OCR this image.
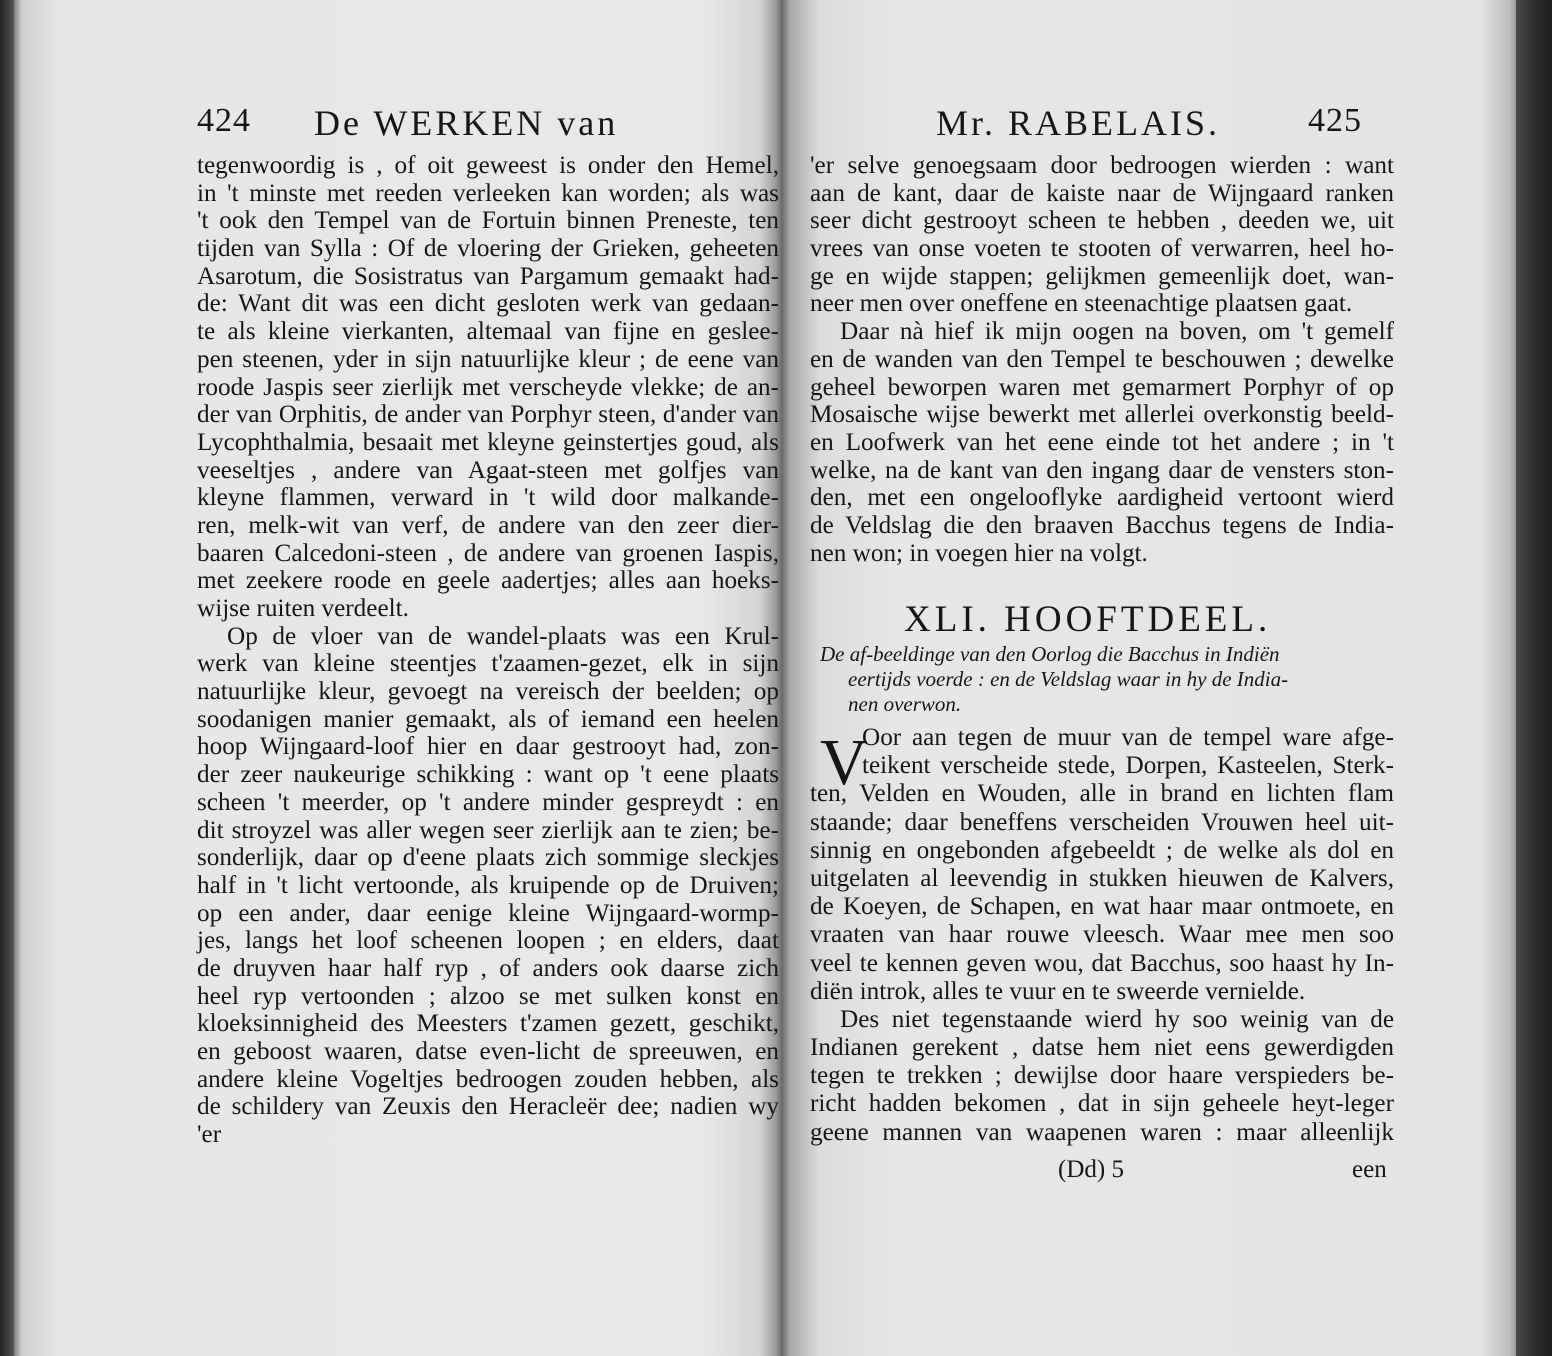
424 De WERKEN van
tegenwoordig is , of oit geweest is onder den Hemel,
in 't minste met reeden verleeken kan worden; als was
't ook den Tempel van de Fortuin binnen Preneste, ten
tijden van Sylla : Of de vloering der Grieken, geheeten
Asarotum, die Sosistratus van Pargamum gemaakt had-
de: Want dit was een dicht gesloten werk van gedaan-
te als kleine vierkanten, altemaal van fijne en geslee-
pen steenen, yder in sijn natuurlijke kleur ; de eene van
roode Jaspis seer zierlijk met verscheyde vlekke; de an-
der van Orphitis, de ander van Porphyr steen, d'ander van
Lycophthalmia, besaait met kleyne geinstertjes goud, als
veeseltjes , andere van Agaat-steen met golfjes van
kleyne flammen, verward in 't wild door malkande-
ren, melk-wit van verf, de andere van den zeer dier-
baaren Calcedoni-steen , de andere van groenen Iaspis,
met zeekere roode en geele aadertjes; alles aan hoeks-
wijse ruiten verdeelt.
Op de vloer van de wandel-plaats was een Krul-
werk van kleine steentjes t'zaamen-gezet, elk in sijn
natuurlijke kleur, gevoegt na vereisch der beelden; op
soodanigen manier gemaakt, als of iemand een heelen
hoop Wijngaard-loof hier en daar gestrooyt had, zon-
der zeer naukeurige schikking : want op 't eene plaats
scheen 't meerder, op 't andere minder gespreydt : en
dit stroyzel was aller wegen seer zierlijk aan te zien; be-
sonderlijk, daar op d'eene plaats zich sommige sleckjes
half in 't licht vertoonde, als kruipende op de Druiven;
op een ander, daar eenige kleine Wijngaard-wormp-
jes, langs het loof scheenen loopen ; en elders, daat
de druyven haar half ryp , of anders ook daarse zich
heel ryp vertoonden ; alzoo se met sulken konst en
kloeksinnigheid des Meesters t'zamen gezett, geschikt,
en geboost waaren, datse even-licht de spreeuwen, en
andere kleine Vogeltjes bedroogen zouden hebben, als
de schildery van Zeuxis den Heracleër dee; nadien wy
'er
Mr. RABELAIS.	425
'er selve genoegsaam door bedroogen wierden : want
aan de kant, daar de kaiste naar de Wijngaard ranken
seer dicht gestrooyt scheen te hebben , deeden we, uit
vrees van onse voeten te stooten of verwarren, heel ho-
ge en wijde stappen; gelijkmen gemeenlijk doet, wan-
neer men over oneffene en steenachtige plaatsen gaat.
Daar nà hief ik mijn oogen na boven, om 't gemelf
en de wanden van den Tempel te beschouwen ; dewelke
geheel beworpen waren met gemarmert Porphyr of op
Mosaische wijse bewerkt met allerlei overkonstig beeld-
en Loofwerk van het eene einde tot het andere ; in 't
welke, na de kant van den ingang daar de vensters ston-
den, met een ongelooflyke aardigheid vertoont wierd
de Veldslag die den braaven Bacchus tegens de India-
nen won; in voegen hier na volgt.
XLI. HOOFTDEEL.
De af-beeldinge van den Oorlog die Bacchus in Indiën
eertijds voerde : en de Veldslag waar in hy de India-
nen overwon.
V
Oor aan tegen de muur van de tempel ware afge-
teikent verscheide stede, Dorpen, Kasteelen, Sterk-
ten, Velden en Wouden, alle in brand en lichten flam
staande; daar beneffens verscheiden Vrouwen heel uit-
sinnig en ongebonden afgebeeldt ; de welke als dol en
uitgelaten al leevendig in stukken hieuwen de Kalvers,
de Koeyen, de Schapen, en wat haar maar ontmoete, en
vraaten van haar rouwe vleesch. Waar mee men soo
veel te kennen geven wou, dat Bacchus, soo haast hy In-
diën introk, alles te vuur en te sweerde vernielde.
Des niet tegenstaande wierd hy soo weinig van de
Indianen gerekent , datse hem niet eens gewerdigden
tegen te trekken ; dewijlse door haare verspieders be-
richt hadden bekomen , dat in sijn geheele heyt-leger
geene mannen van waapenen waren : maar alleenlijk
(Dd) 5	een
